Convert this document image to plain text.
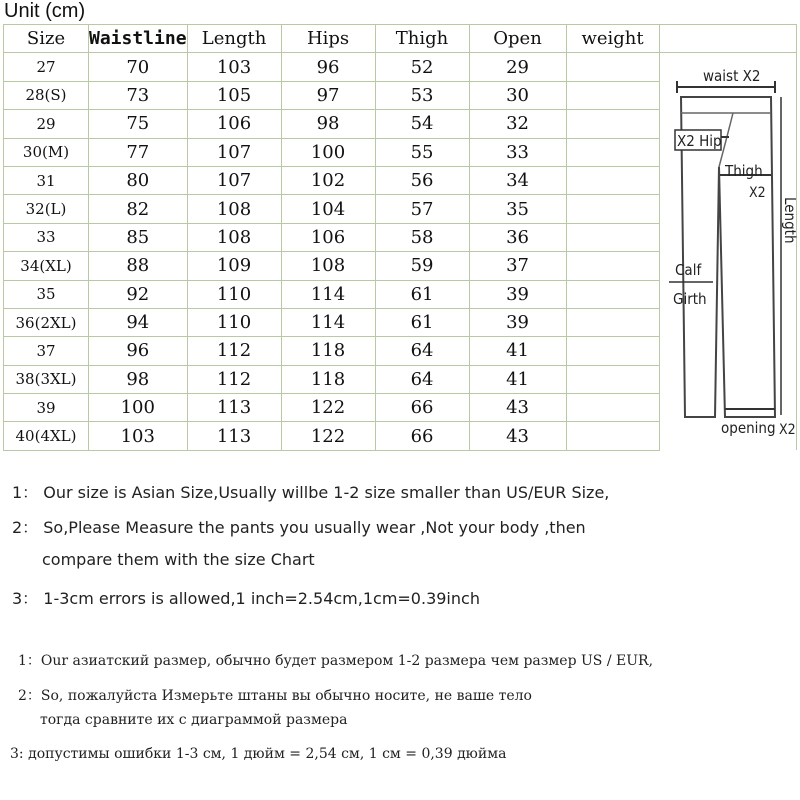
Unit (cm)
Size	Waistline	Length	Hips	Thigh	Open	weight	
27	70	103	96	52	29		
28(S)	73	105	97	53	30		
29	75	106	98	54	32		
30(M)	77	107	100	55	33		
31	80	107	102	56	34		
32(L)	82	108	104	57	35		
33	85	108	106	58	36		
34(XL)	88	109	108	59	37		
35	92	110	114	61	39		
36(2XL)	94	110	114	61	39		
37	96	112	118	64	41		
38(3XL)	98	112	118	64	41		
39	100	113	122	66	43		
40(4XL)	103	113	122	66	43		
waist X2
X2 Hip
Thigh
X2
Length
Calf
Girth
opening X2
1： Our size is Asian Size,Usually willbe 1-2 size smaller than US/EUR Size,
2： So,Please Measure the pants you usually wear ,Not your body ,then
compare them with the size Chart
3： 1-3cm errors is allowed,1 inch=2.54cm,1cm=0.39inch
1：Our азиатский размер, обычно будет размером 1-2 размера чем размер US / EUR,
2：So, пожалуйста Измерьте штаны вы обычно носите, не ваше тело
тогда сравните их с диаграммой размера
3: допустимы ошибки 1-3 см, 1 дюйм = 2,54 см, 1 см = 0,39 дюйма
